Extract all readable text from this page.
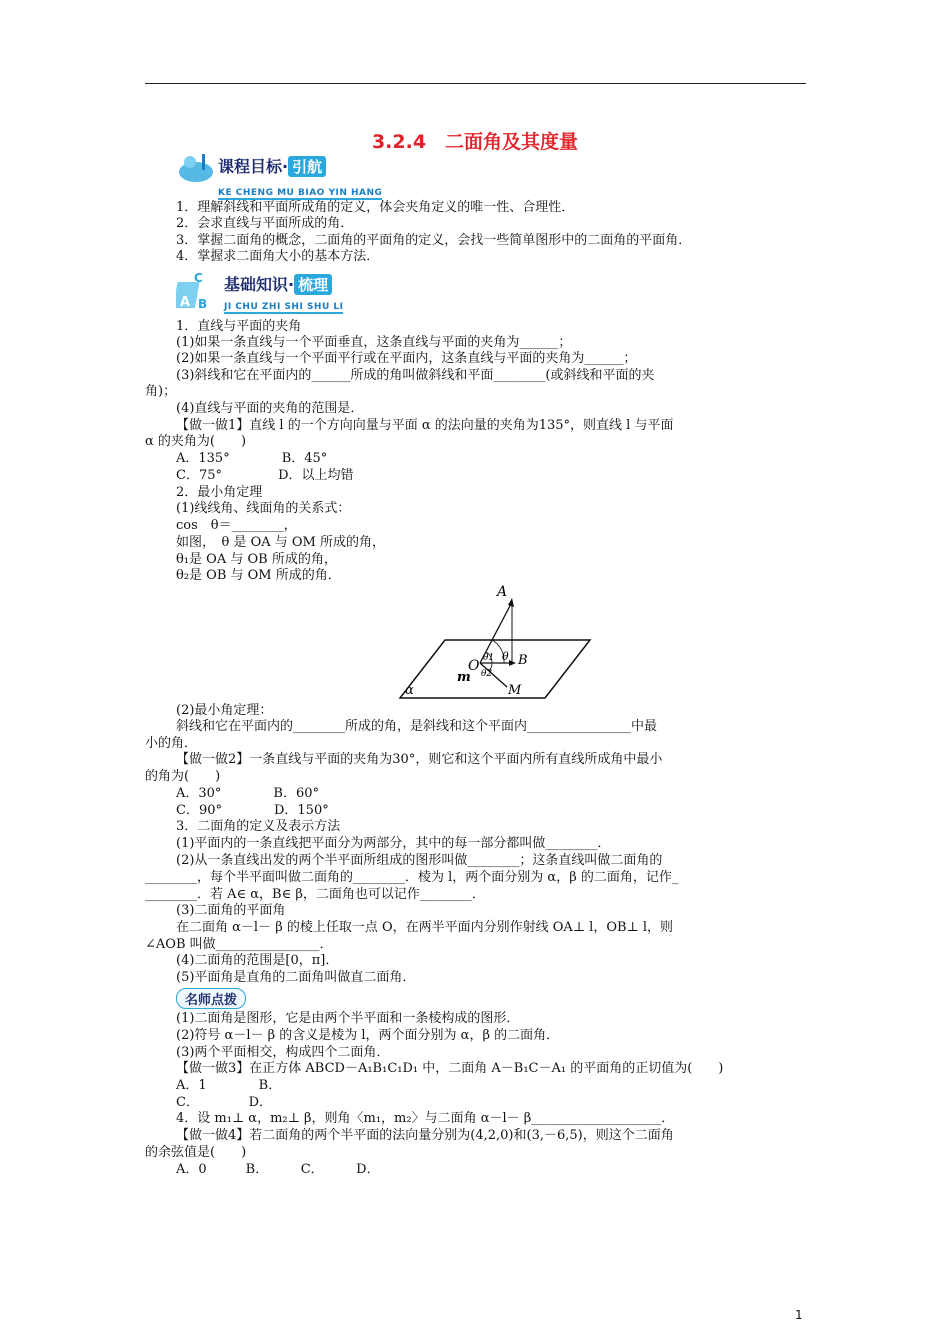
3.2.4　二面角及其度量
课程目标· 引航
KE CHENG MU BIAO YIN HANG
1．理解斜线和平面所成角的定义，体会夹角定义的唯一性、合理性．
2．会求直线与平面所成的角．
3．掌握二面角的概念，二面角的平面角的定义，会找一些简单图形中的二面角的平面角．
4．掌握求二面角大小的基本方法．
A
C
B
基础知识· 梳理
JI CHU ZHI SHI SHU LI
1．直线与平面的夹角
(1)如果一条直线与一个平面垂直，这条直线与平面的夹角为______；
(2)如果一条直线与一个平面平行或在平面内，这条直线与平面的夹角为______；
(3)斜线和它在平面内的______所成的角叫做斜线和平面________(或斜线和平面的夹
角)；
(4)直线与平面的夹角的范围是．
【做一做1】直线 l 的一个方向向量与平面 α 的法向量的夹角为135°，则直线 l 与平面
α 的夹角为(　　)
A．135°　　　　B．45°
C．75°　　　　 D．以上均错
2．最小角定理
(1)线线角、线面角的关系式：
cos　θ＝________，
如图，　θ 是 OA 与 OM 所成的角，
θ₁是 OA 与 OB 所成的角，
θ₂是 OB 与 OM 所成的角．
A
O	B
M
m
α
θ
θ1
θ2
(2)最小角定理：
斜线和它在平面内的________所成的角，是斜线和这个平面内________________中最
小的角．
【做一做2】一条直线与平面的夹角为30°，则它和这个平面内所有直线所成角中最小
的角为(　　)
A．30°　　　　B．60°
C．90°　　　　D．150°
3．二面角的定义及表示方法
(1)平面内的一条直线把平面分为两部分，其中的每一部分都叫做________．
(2)从一条直线出发的两个半平面所组成的图形叫做________；这条直线叫做二面角的
________，每个半平面叫做二面角的________．棱为 l，两个面分别为 α，β 的二面角，记作_
________．若 A∈ α，B∈ β，二面角也可以记作________．
(3)二面角的平面角
在二面角 α－l－ β 的棱上任取一点 O，在两半平面内分别作射线 OA⊥ l，OB⊥ l，则
∠AOB 叫做________________．
(4)二面角的范围是[0，π]．
(5)平面角是直角的二面角叫做直二面角．
名师点拨
(1)二面角是图形，它是由两个半平面和一条棱构成的图形．
(2)符号 α－l－ β 的含义是棱为 l，两个面分别为 α，β 的二面角．
(3)两个平面相交，构成四个二面角．
【做一做3】在正方体 ABCD－A₁B₁C₁D₁ 中，二面角 A－B₁C－A₁ 的平面角的正切值为(　　)
A．1　　　　B．
C．　　　　 D．
4．设 m₁⊥ α，m₂⊥ β，则角〈m₁，m₂〉与二面角 α－l－ β____________________．
【做一做4】若二面角的两个半平面的法向量分别为(4,2,0)和(3,－6,5)，则这个二面角
的余弦值是(　　)
A．0　　　B．　　　C．　　　D．
1
